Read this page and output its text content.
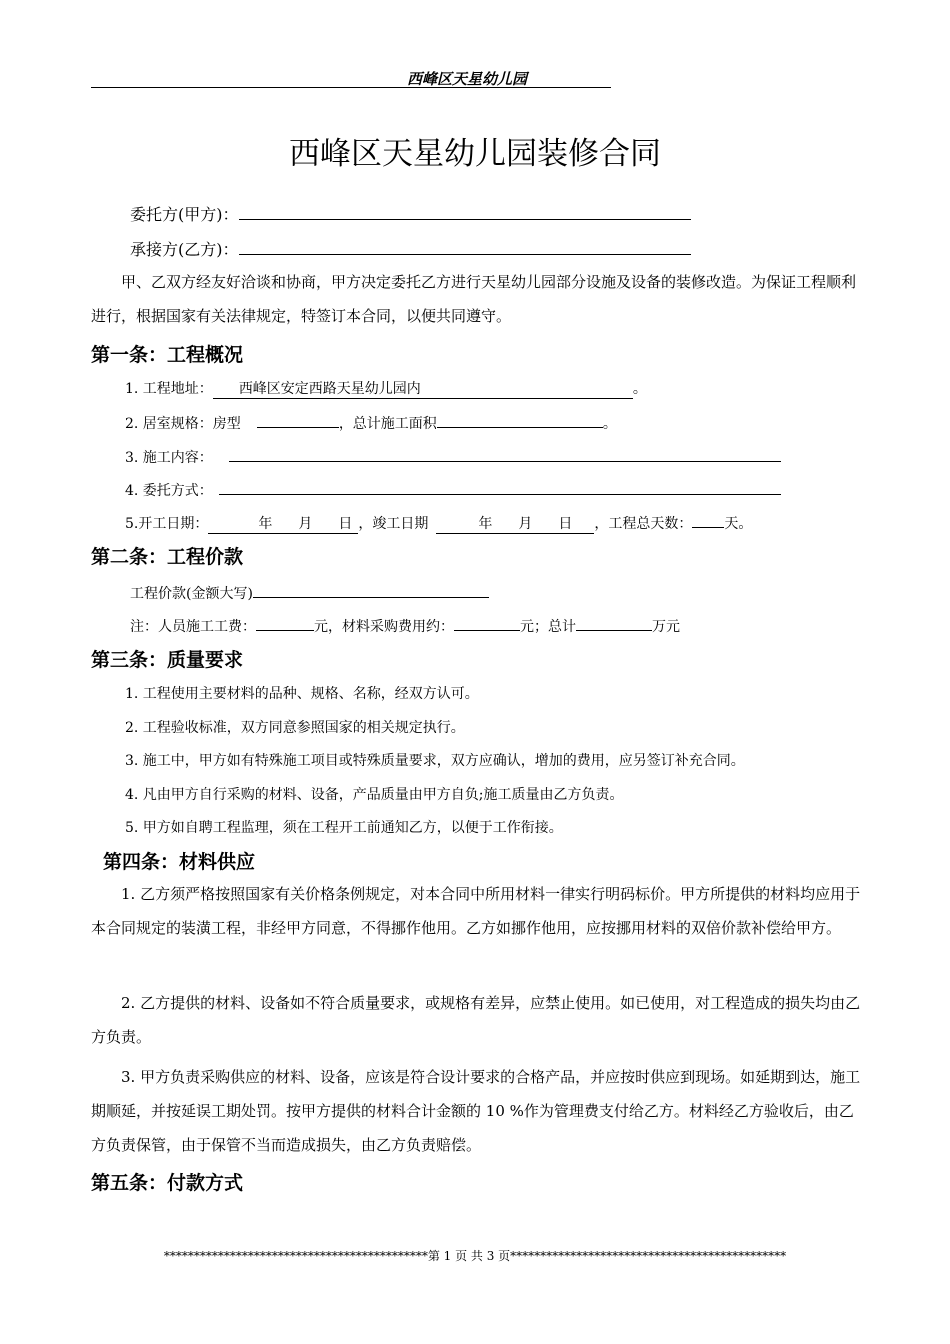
西峰区天星幼儿园
西峰区天星幼儿园装修合同
委托方(甲方)：
承接方(乙方)：
甲、乙双方经友好洽谈和协商，甲方决定委托乙方进行天星幼儿园部分设施及设备的装修改造。为保证工程顺利进行，根据国家有关法律规定，特签订本合同，以便共同遵守。
第一条：工程概况
1. 工程地址： 西峰区安定西路天星幼儿园内	。
2. 居室规格：房型	，总计施工面积	。
3. 施工内容：
4. 委托方式：
5.开工日期：	年 月 日 ，竣工日期	年 月 日 ，工程总天数： 天。
第二条：工程价款
工程价款(金额大写)
注：人员施工工费：	元，材料采购费用约：	元；总计	万元
第三条：质量要求
1. 工程使用主要材料的品种、规格、名称，经双方认可。
2. 工程验收标准，双方同意参照国家的相关规定执行。
3. 施工中，甲方如有特殊施工项目或特殊质量要求，双方应确认，增加的费用，应另签订补充合同。
4. 凡由甲方自行采购的材料、设备，产品质量由甲方自负;施工质量由乙方负责。
5. 甲方如自聘工程监理，须在工程开工前通知乙方，以便于工作衔接。
第四条：材料供应
1. 乙方须严格按照国家有关价格条例规定，对本合同中所用材料一律实行明码标价。甲方所提供的材料均应用于本合同规定的装潢工程，非经甲方同意，不得挪作他用。乙方如挪作他用，应按挪用材料的双倍价款补偿给甲方。
2. 乙方提供的材料、设备如不符合质量要求，或规格有差异，应禁止使用。如已使用，对工程造成的损失均由乙方负责。
3. 甲方负责采购供应的材料、设备，应该是符合设计要求的合格产品，并应按时供应到现场。如延期到达，施工期顺延，并按延误工期处罚。按甲方提供的材料合计金额的 10 %作为管理费支付给乙方。材料经乙方验收后，由乙方负责保管，由于保管不当而造成损失，由乙方负责赔偿。
第五条：付款方式
********************************************第 1 页 共 3 页**********************************************
